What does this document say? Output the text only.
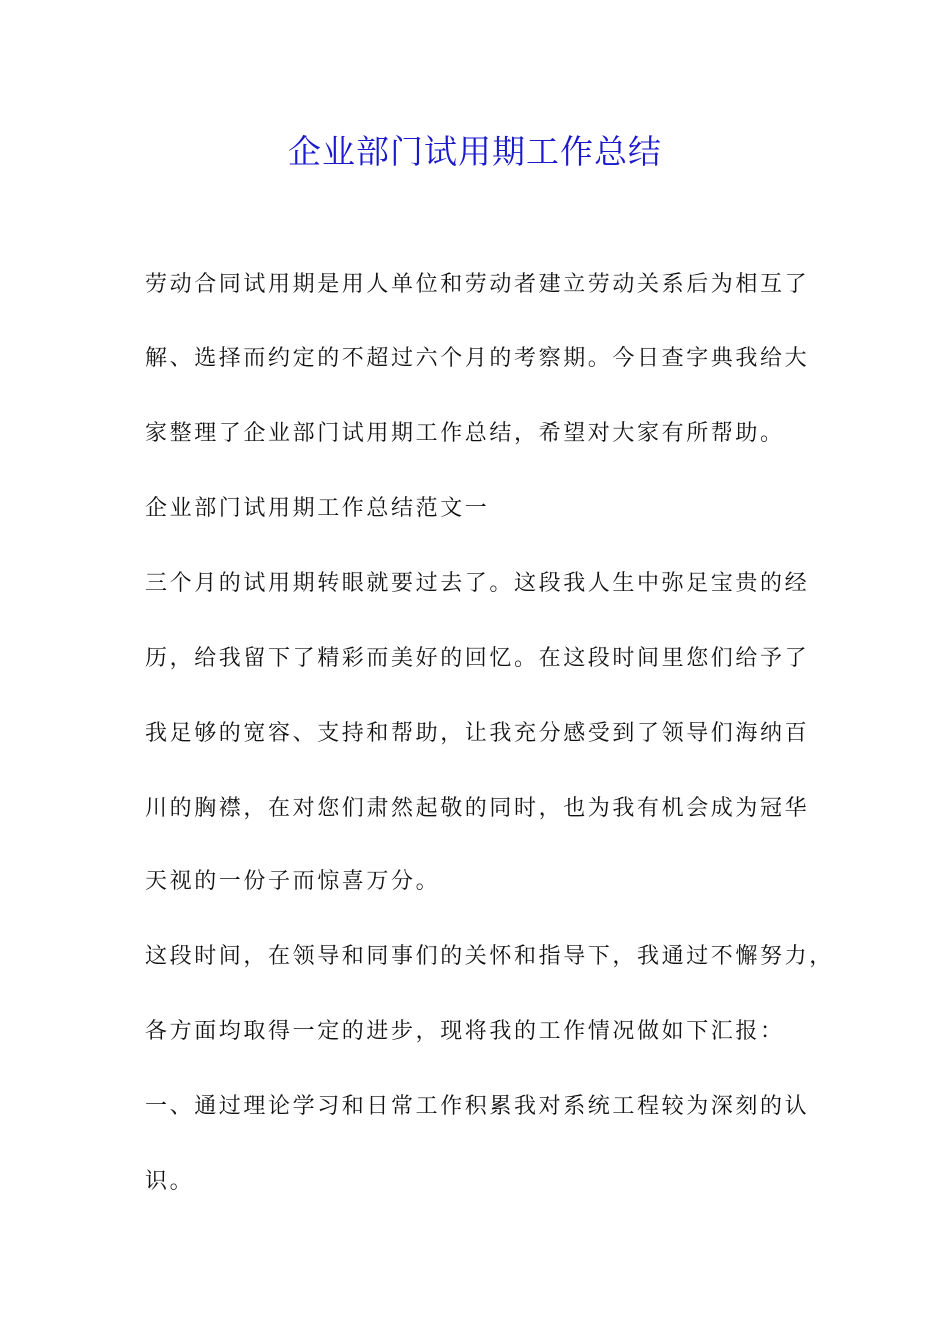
企业部门试用期工作总结

劳动合同试用期是用人单位和劳动者建立劳动关系后为相互了

解、选择而约定的不超过六个月的考察期。今日查字典我给大

家整理了企业部门试用期工作总结，希望对大家有所帮助。

企业部门试用期工作总结范文一

三个月的试用期转眼就要过去了。这段我人生中弥足宝贵的经

历，给我留下了精彩而美好的回忆。在这段时间里您们给予了

我足够的宽容、支持和帮助，让我充分感受到了领导们海纳百

川的胸襟，在对您们肃然起敬的同时，也为我有机会成为冠华

天视的一份子而惊喜万分。

这段时间，在领导和同事们的关怀和指导下，我通过不懈努力，

各方面均取得一定的进步，现将我的工作情况做如下汇报：

一、通过理论学习和日常工作积累我对系统工程较为深刻的认

识。
